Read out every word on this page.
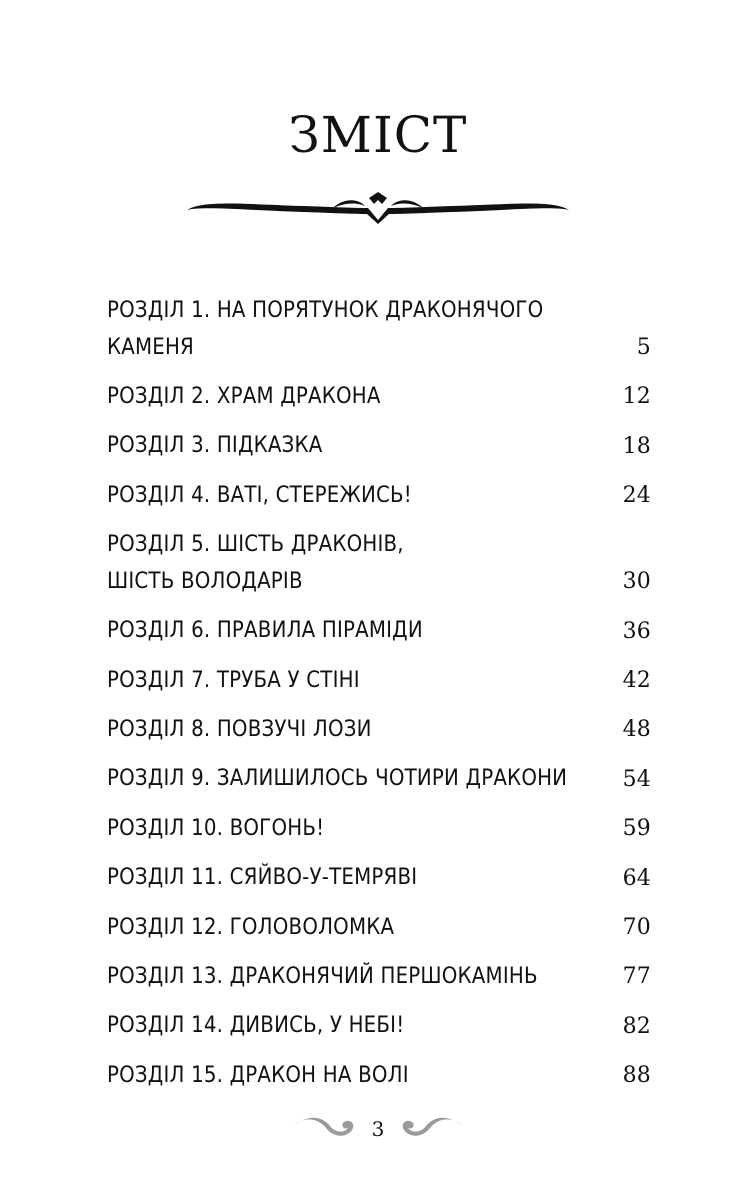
ЗМІСТ
РОЗДІЛ 1. НА ПОРЯТУНОК ДРАКОНЯЧОГО
КАМЕНЯ	5
РОЗДІЛ 2. ХРАМ ДРАКОНА	12
РОЗДІЛ 3. ПІДКАЗКА	18
РОЗДІЛ 4. ВАТІ, СТЕРЕЖИСЬ!	24
РОЗДІЛ 5. ШІСТЬ ДРАКОНІВ,
ШІСТЬ ВОЛОДАРІВ	30
РОЗДІЛ 6. ПРАВИЛА ПІРАМІДИ	36
РОЗДІЛ 7. ТРУБА У СТІНІ	42
РОЗДІЛ 8. ПОВЗУЧІ ЛОЗИ	48
РОЗДІЛ 9. ЗАЛИШИЛОСЬ ЧОТИРИ ДРАКОНИ	54
РОЗДІЛ 10. ВОГОНЬ!	59
РОЗДІЛ 11. СЯЙВО-У-ТЕМРЯВІ	64
РОЗДІЛ 12. ГОЛОВОЛОМКА	70
РОЗДІЛ 13. ДРАКОНЯЧИЙ ПЕРШОКАМІНЬ	77
РОЗДІЛ 14. ДИВИСЬ, У НЕБІ!	82
РОЗДІЛ 15. ДРАКОН НА ВОЛІ	88
3
